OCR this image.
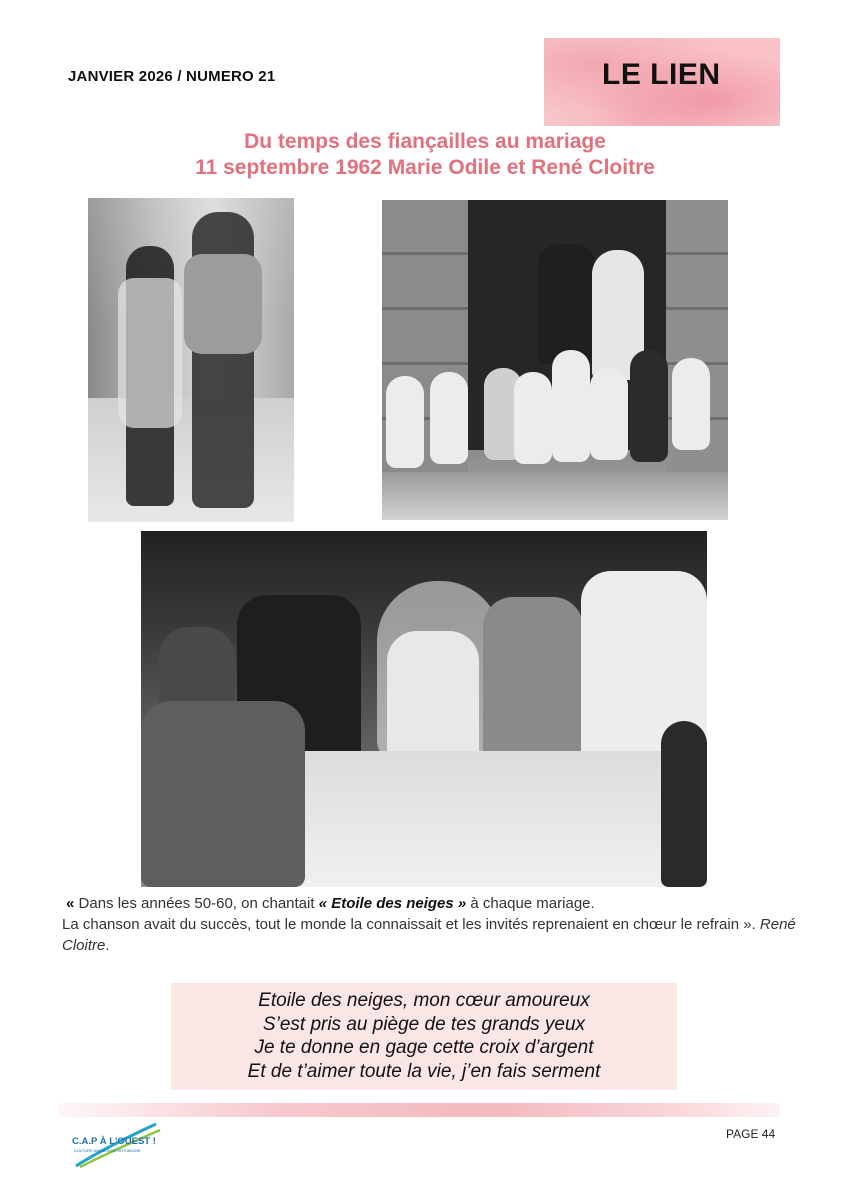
JANVIER 2026 / NUMERO 21	LE LIEN
Du temps des fiançailles au mariage
11 septembre 1962 Marie Odile et René Cloitre
« Dans les années 50-60, on chantait « Etoile des neiges » à chaque mariage.
La chanson avait du succès, tout le monde la connaissait et les invités reprenaient en chœur le refrain ». René Cloitre.
Etoile des neiges, mon cœur amoureux
S’est pris au piège de tes grands yeux
Je te donne en gage cette croix d’argent
Et de t’aimer toute la vie, j’en fais serment
C.A.P À L'OUEST !
CULTURE ANIMATION PATRIMOINE
PAGE 44
